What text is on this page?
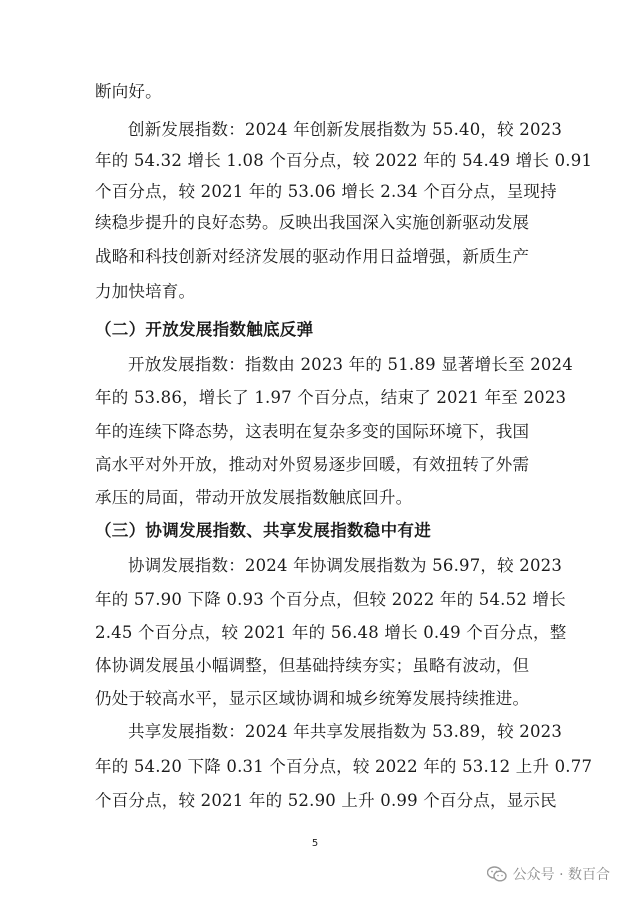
断向好。
创新发展指数：2024 年创新发展指数为 55.40，较 2023
年的 54.32 增长 1.08 个百分点，较 2022 年的 54.49 增长 0.91
个百分点，较 2021 年的 53.06 增长 2.34 个百分点，呈现持
续稳步提升的良好态势。反映出我国深入实施创新驱动发展
战略和科技创新对经济发展的驱动作用日益增强，新质生产
力加快培育。
（二）开放发展指数触底反弹
开放发展指数：指数由 2023 年的 51.89 显著增长至 2024
年的 53.86，增长了 1.97 个百分点，结束了 2021 年至 2023
年的连续下降态势，这表明在复杂多变的国际环境下，我国
高水平对外开放，推动对外贸易逐步回暖，有效扭转了外需
承压的局面，带动开放发展指数触底回升。
（三）协调发展指数、共享发展指数稳中有进
协调发展指数：2024 年协调发展指数为 56.97，较 2023
年的 57.90 下降 0.93 个百分点，但较 2022 年的 54.52 增长
2.45 个百分点，较 2021 年的 56.48 增长 0.49 个百分点，整
体协调发展虽小幅调整，但基础持续夯实；虽略有波动，但
仍处于较高水平，显示区域协调和城乡统筹发展持续推进。
共享发展指数：2024 年共享发展指数为 53.89，较 2023
年的 54.20 下降 0.31 个百分点，较 2022 年的 53.12 上升 0.77
个百分点，较 2021 年的 52.90 上升 0.99 个百分点，显示民
5
公众号 · 数百合
